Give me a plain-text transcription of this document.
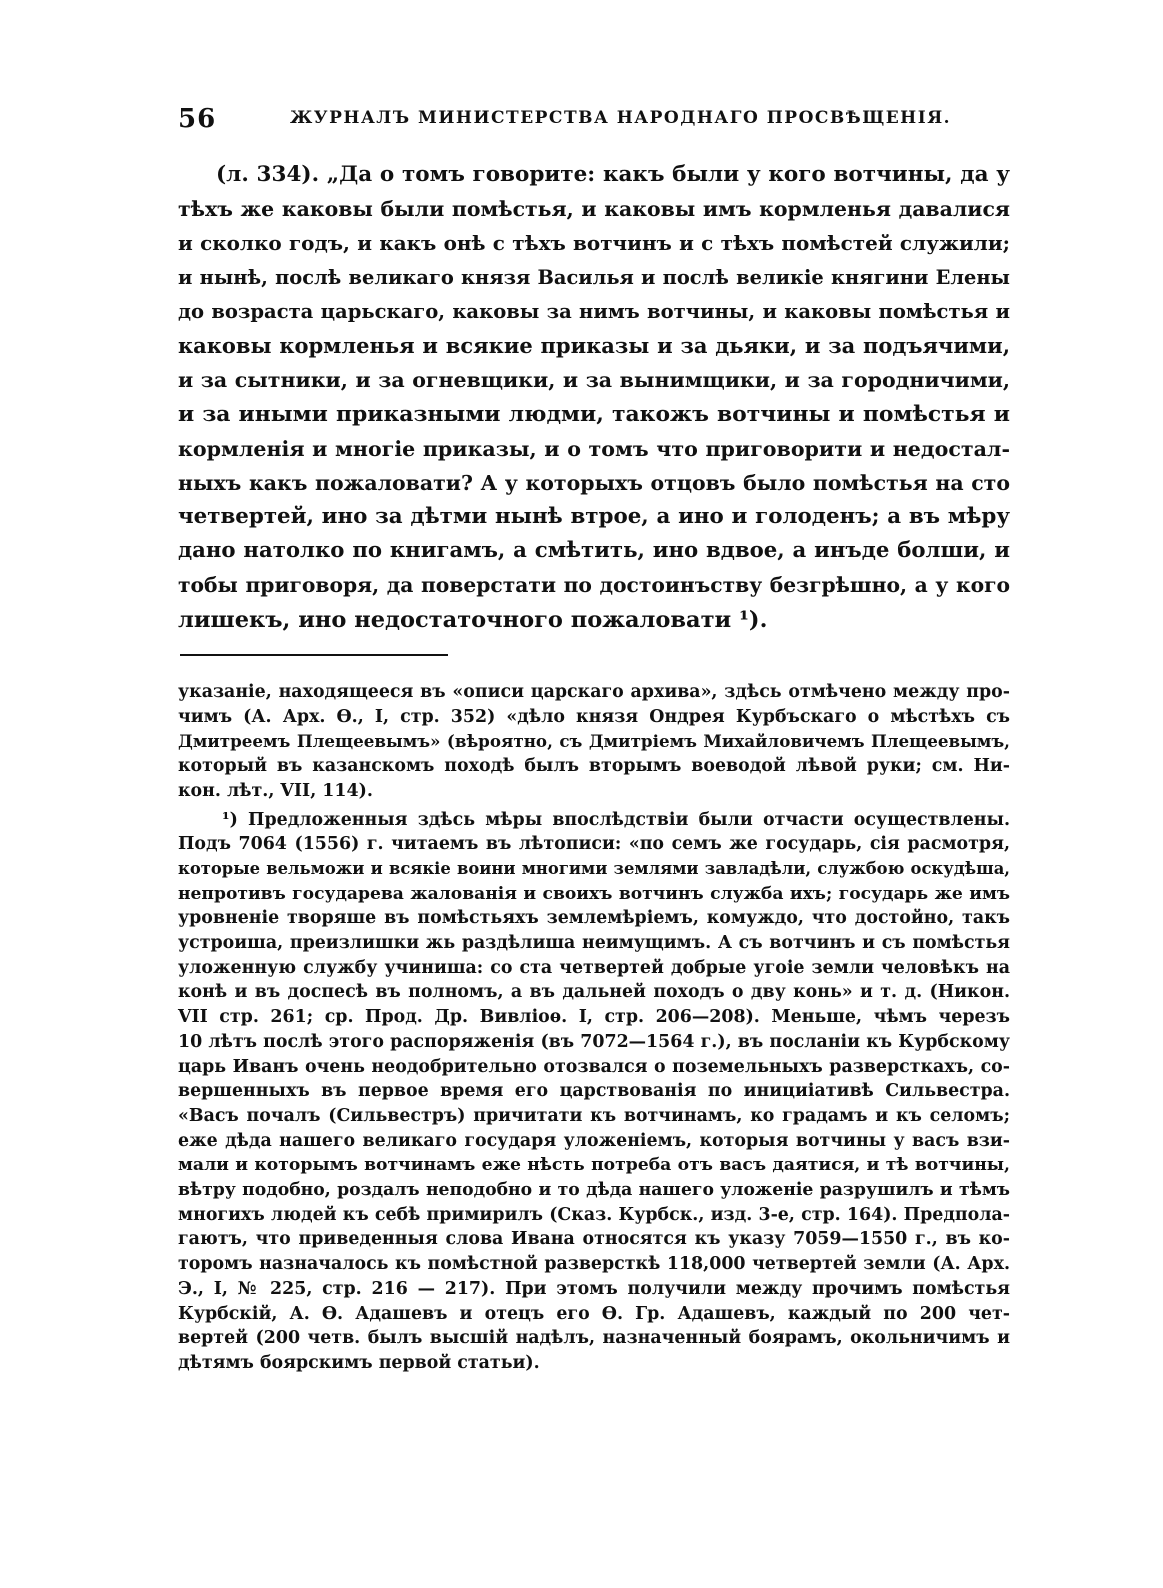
56	ЖУРНАЛЪ МИНИСТЕРСТВА НАРОДНАГО ПРОСВѢЩЕНІЯ.
(л. 334). „Да о томъ говорите: какъ были у кого вотчины, да у
тѣхъ же каковы были помѣстья, и каковы имъ кормленья давалися
и сколко годъ, и какъ онѣ с тѣхъ вотчинъ и с тѣхъ помѣстей служили;
и нынѣ, послѣ великаго князя Василья и послѣ великіе княгини Елены
до возраста царьскаго, каковы за нимъ вотчины, и каковы помѣстья и
каковы кормленья и всякие приказы и за дьяки, и за подъячими,
и за сытники, и за огневщики, и за вынимщики, и за городничими,
и за иными приказными людми, такожъ вотчины и помѣстья и
кормленія и многіе приказы, и о томъ что приговорити и недостал-
ныхъ какъ пожаловати? А у которыхъ отцовъ было помѣстья на сто
четвертей, ино за дѣтми нынѣ втрое, а ино и голоденъ; а въ мѣру
дано натолко по книгамъ, а смѣтить, ино вдвое, а инъде болши, и
тобы приговоря, да поверстати по достоинъству безгрѣшно, а у кого
лишекъ, ино недостаточного пожаловати ¹).
указаніе, находящееся въ «описи царскаго архива», здѣсь отмѣчено между про-
чимъ (А. Арх. Ѳ., I, стр. 352) «дѣло князя Ондрея Курбъскаго о мѣстѣхъ съ
Дмитреемъ Плещеевымъ» (вѣроятно, съ Дмитріемъ Михайловичемъ Плещеевымъ,
который въ казанскомъ походѣ былъ вторымъ воеводой лѣвой руки; см. Ни-
кон. лѣт., VII, 114).
¹) Предложенныя здѣсь мѣры впослѣдствіи были отчасти осуществлены.
Подъ 7064 (1556) г. читаемъ въ лѣтописи: «по семъ же государь, сія расмотря,
которые вельможи и всякіе воини многими землями завладѣли, службою оскудѣша,
непротивъ государева жалованія и своихъ вотчинъ служба ихъ; государь же имъ
уровненіе творяше въ помѣстьяхъ землемѣріемъ, комуждо, что достойно, такъ
устроиша, преизлишки жь раздѣлиша неимущимъ. А съ вотчинъ и съ помѣстья
уложенную службу учиниша: со ста четвертей добрые угоіе земли человѣкъ на
конѣ и въ доспесѣ въ полномъ, а въ дальней походъ о дву конь» и т. д. (Никон.
VII стр. 261; ср. Прод. Др. Вивліоѳ. I, стр. 206—208). Меньше, чѣмъ черезъ
10 лѣтъ послѣ этого распоряженія (въ 7072—1564 г.), въ посланіи къ Курбскому
царь Иванъ очень неодобрительно отозвался о поземельныхъ разверсткахъ, со-
вершенныхъ въ первое время его царствованія по инициіативѣ Сильвестра.
«Васъ почалъ (Сильвестръ) причитати къ вотчинамъ, ко градамъ и къ селомъ;
еже дѣда нашего великаго государя уложеніемъ, которыя вотчины у васъ взи-
мали и которымъ вотчинамъ еже нѣсть потреба отъ васъ даятися, и тѣ вотчины,
вѣтру подобно, роздалъ неподобно и то дѣда нашего уложеніе разрушилъ и тѣмъ
многихъ людей къ себѣ примирилъ (Сказ. Курбск., изд. 3-е, стр. 164). Предпола-
гаютъ, что приведенныя слова Ивана относятся къ указу 7059—1550 г., въ ко-
торомъ назначалось къ помѣстной разверсткѣ 118,000 четвертей земли (А. Арх.
Э., I, № 225, стр. 216 — 217). При этомъ получили между прочимъ помѣстья
Курбскій, А. Ѳ. Адашевъ и отецъ его Ѳ. Гр. Адашевъ, каждый по 200 чет-
вертей (200 четв. былъ высшій надѣлъ, назначенный боярамъ, окольничимъ и
дѣтямъ боярскимъ первой статьи).
